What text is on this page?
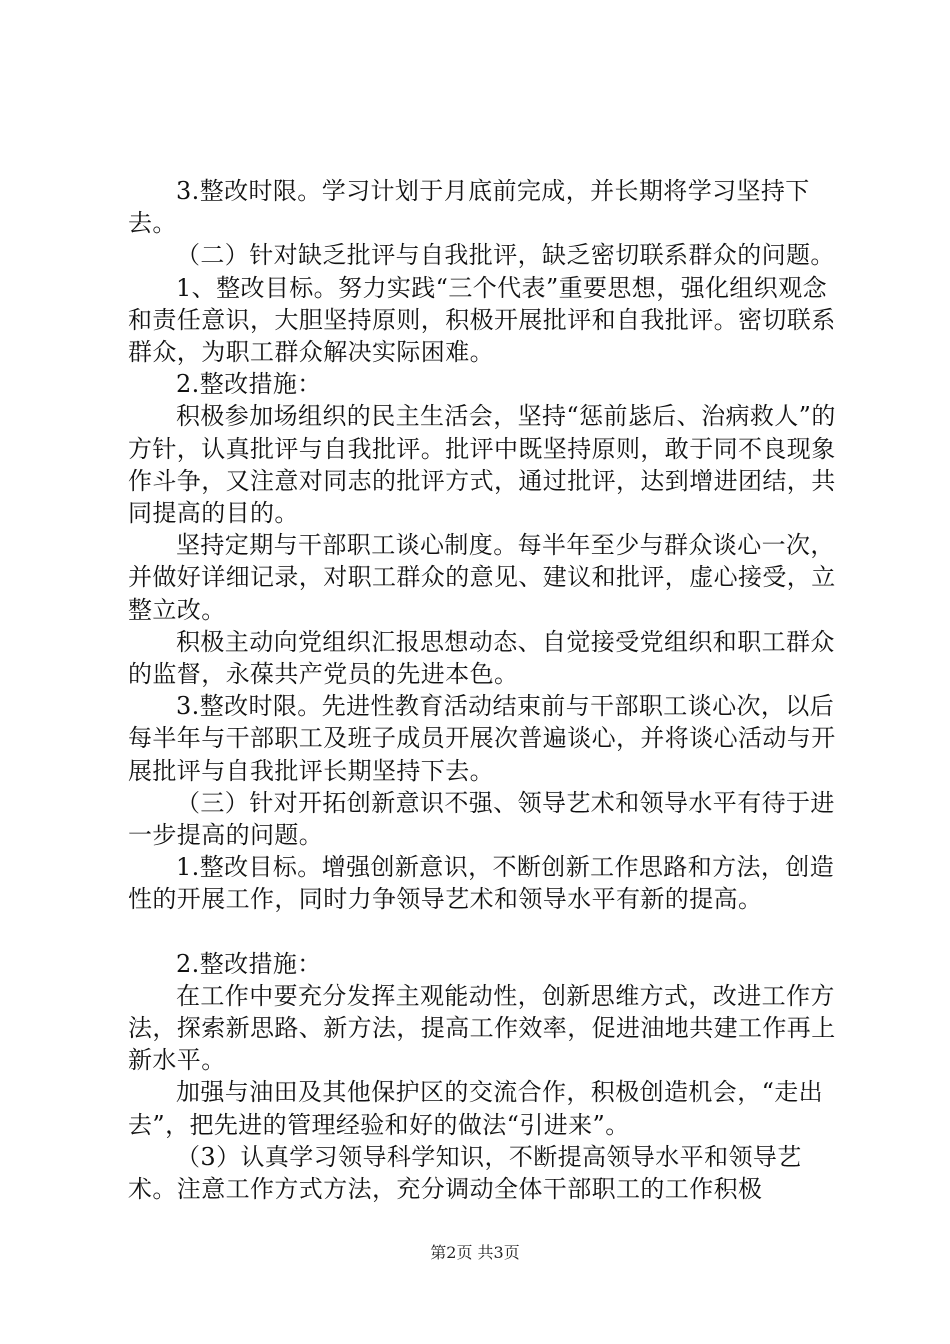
3.整改时限。学习计划于月底前完成，并长期将学习坚持下去。

（二）针对缺乏批评与自我批评，缺乏密切联系群众的问题。

1、整改目标。努力实践“三个代表”重要思想，强化组织观念和责任意识，大胆坚持原则，积极开展批评和自我批评。密切联系群众，为职工群众解决实际困难。

2.整改措施：

积极参加场组织的民主生活会，坚持“惩前毖后、治病救人”的方针，认真批评与自我批评。批评中既坚持原则，敢于同不良现象作斗争，又注意对同志的批评方式，通过批评，达到增进团结，共同提高的目的。

坚持定期与干部职工谈心制度。每半年至少与群众谈心一次，并做好详细记录，对职工群众的意见、建议和批评，虚心接受，立整立改。

积极主动向党组织汇报思想动态、自觉接受党组织和职工群众的监督，永葆共产党员的先进本色。

3.整改时限。先进性教育活动结束前与干部职工谈心次，以后每半年与干部职工及班子成员开展次普遍谈心，并将谈心活动与开展批评与自我批评长期坚持下去。

（三）针对开拓创新意识不强、领导艺术和领导水平有待于进一步提高的问题。

1.整改目标。增强创新意识，不断创新工作思路和方法，创造性的开展工作，同时力争领导艺术和领导水平有新的提高。

2.整改措施：

在工作中要充分发挥主观能动性，创新思维方式，改进工作方法，探索新思路、新方法，提高工作效率，促进油地共建工作再上新水平。

加强与油田及其他保护区的交流合作，积极创造机会，“走出去”，把先进的管理经验和好的做法“引进来”。

（3）认真学习领导科学知识，不断提高领导水平和领导艺术。注意工作方式方法，充分调动全体干部职工的工作积极

第2页 共3页
